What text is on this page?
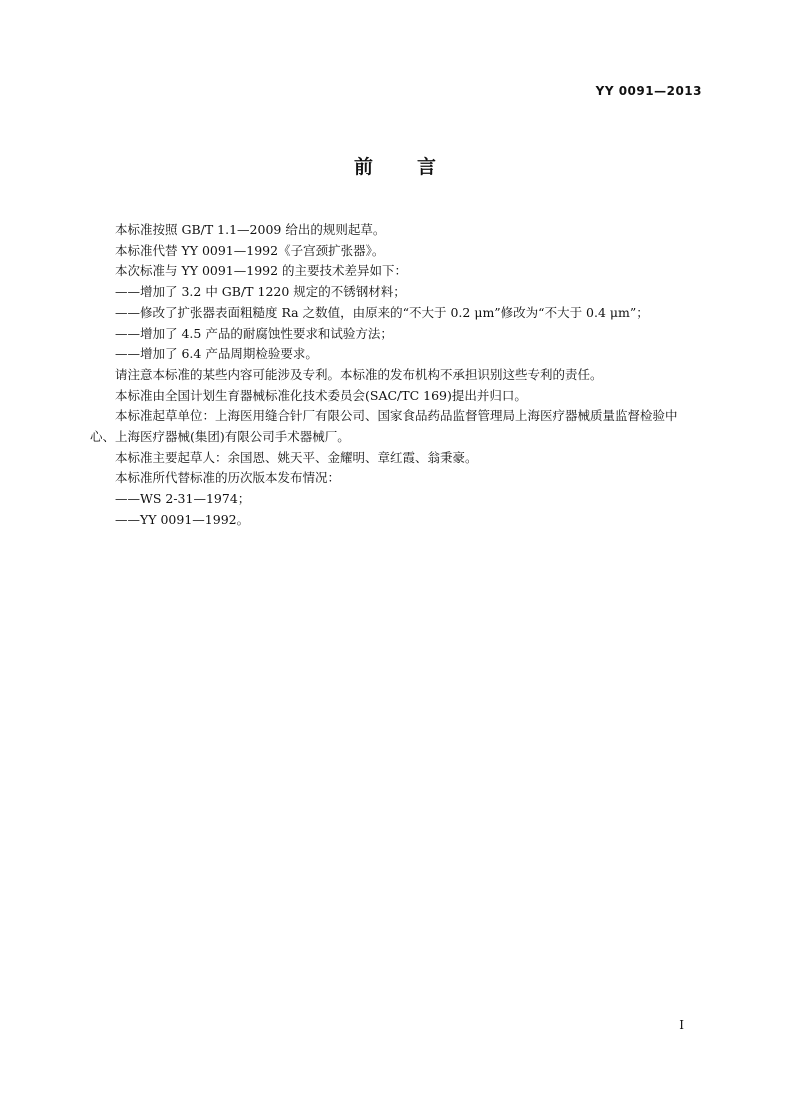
YY 0091—2013
前　　言

本标准按照 GB/T 1.1—2009 给出的规则起草。

本标准代替 YY 0091—1992《子宫颈扩张器》。

本次标准与 YY 0091—1992 的主要技术差异如下：

——增加了 3.2 中 GB/T 1220 规定的不锈钢材料；

——修改了扩张器表面粗糙度 Ra 之数值，由原来的“不大于 0.2 μm”修改为“不大于 0.4 μm”；

——增加了 4.5 产品的耐腐蚀性要求和试验方法；

——增加了 6.4 产品周期检验要求。

请注意本标准的某些内容可能涉及专利。本标准的发布机构不承担识别这些专利的责任。

本标准由全国计划生育器械标准化技术委员会(SAC/TC 169)提出并归口。

本标准起草单位：上海医用缝合针厂有限公司、国家食品药品监督管理局上海医疗器械质量监督检验中心、上海医疗器械(集团)有限公司手术器械厂。

本标准主要起草人：余国恩、姚天平、金耀明、章红霞、翁秉豪。

本标准所代替标准的历次版本发布情况：

——WS 2-31—1974；

——YY 0091—1992。

I
